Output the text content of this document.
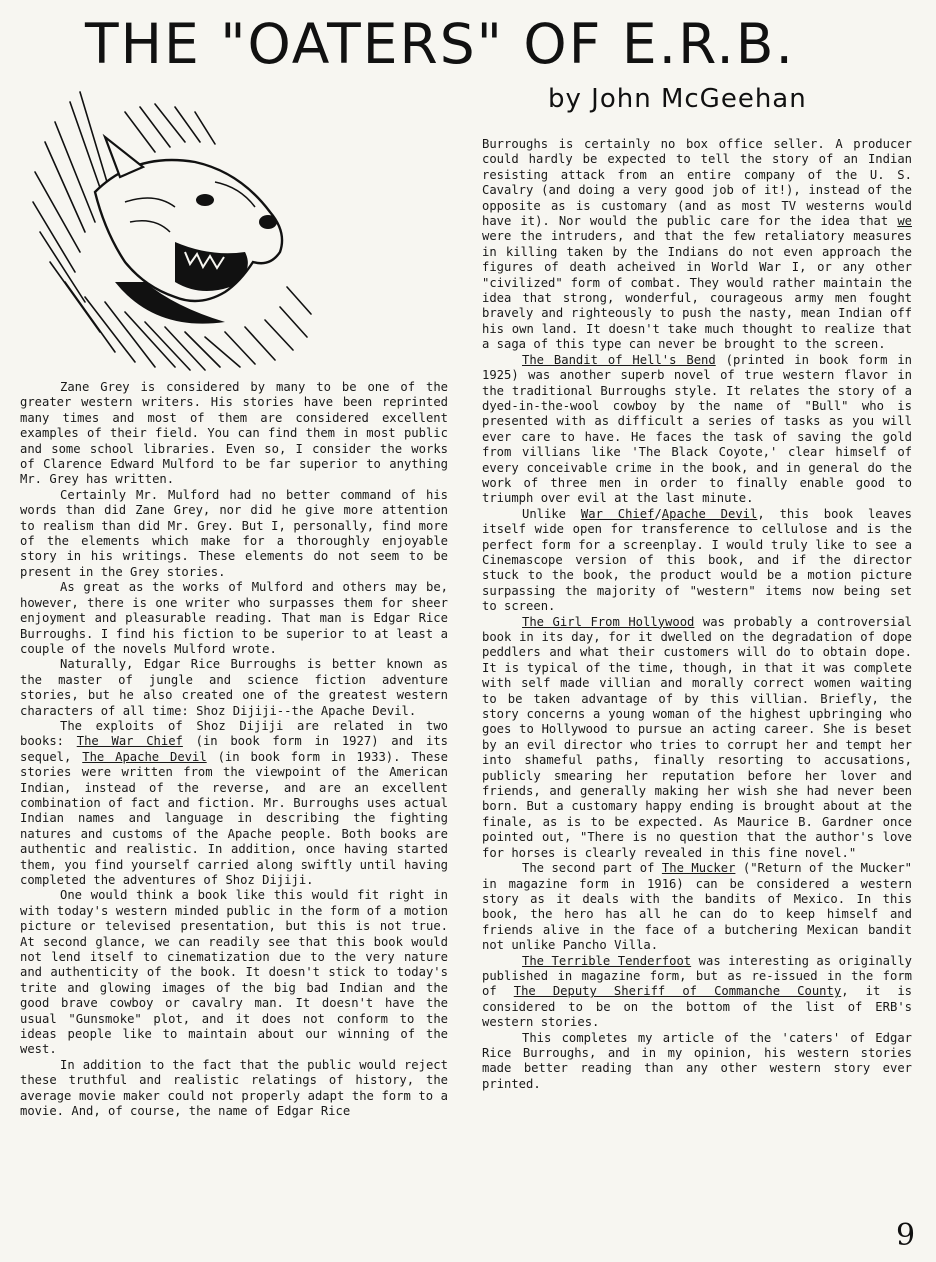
THE "OATERS" OF E.R.B.
by John McGeehan

Zane Grey is considered by many to be one of the greater western writers. His stories have been reprinted many times and most of them are considered excellent examples of their field. You can find them in most public and some school libraries. Even so, I consider the works of Clarence Edward Mulford to be far superior to anything Mr. Grey has written.

Certainly Mr. Mulford had no better command of his words than did Zane Grey, nor did he give more attention to realism than did Mr. Grey. But I, personally, find more of the elements which make for a thoroughly enjoyable story in his writings. These elements do not seem to be present in the Grey stories.

As great as the works of Mulford and others may be, however, there is one writer who surpasses them for sheer enjoyment and pleasurable reading. That man is Edgar Rice Burroughs. I find his fiction to be superior to at least a couple of the novels Mulford wrote.

Naturally, Edgar Rice Burroughs is better known as the master of jungle and science fiction adventure stories, but he also created one of the greatest western characters of all time: Shoz Dijiji--the Apache Devil.

The exploits of Shoz Dijiji are related in two books: The War Chief (in book form in 1927) and its sequel, The Apache Devil (in book form in 1933). These stories were written from the viewpoint of the American Indian, instead of the reverse, and are an excellent combination of fact and fiction. Mr. Burroughs uses actual Indian names and language in describing the fighting natures and customs of the Apache people. Both books are authentic and realistic. In addition, once having started them, you find yourself carried along swiftly until having completed the adventures of Shoz Dijiji.

One would think a book like this would fit right in with today's western minded public in the form of a motion picture or televised presentation, but this is not true. At second glance, we can readily see that this book would not lend itself to cinematization due to the very nature and authenticity of the book. It doesn't stick to today's trite and glowing images of the big bad Indian and the good brave cowboy or cavalry man. It doesn't have the usual "Gunsmoke" plot, and it does not conform to the ideas people like to maintain about our winning of the west.

In addition to the fact that the public would reject these truthful and realistic relatings of history, the average movie maker could not properly adapt the form to a movie. And, of course, the name of Edgar Rice

Burroughs is certainly no box office seller. A producer could hardly be expected to tell the story of an Indian resisting attack from an entire company of the U. S. Cavalry (and doing a very good job of it!), instead of the opposite as is customary (and as most TV westerns would have it). Nor would the public care for the idea that we were the intruders, and that the few retaliatory measures in killing taken by the Indians do not even approach the figures of death acheived in World War I, or any other "civilized" form of combat. They would rather maintain the idea that strong, wonderful, courageous army men fought bravely and righteously to push the nasty, mean Indian off his own land. It doesn't take much thought to realize that a saga of this type can never be brought to the screen.

The Bandit of Hell's Bend (printed in book form in 1925) was another superb novel of true western flavor in the traditional Burroughs style. It relates the story of a dyed-in-the-wool cowboy by the name of "Bull" who is presented with as difficult a series of tasks as you will ever care to have. He faces the task of saving the gold from villians like 'The Black Coyote,' clear himself of every conceivable crime in the book, and in general do the work of three men in order to finally enable good to triumph over evil at the last minute.

Unlike War Chief/Apache Devil, this book leaves itself wide open for transference to cellulose and is the perfect form for a screenplay. I would truly like to see a Cinemascope version of this book, and if the director stuck to the book, the product would be a motion picture surpassing the majority of "western" items now being set to screen.

The Girl From Hollywood was probably a controversial book in its day, for it dwelled on the degradation of dope peddlers and what their customers will do to obtain dope. It is typical of the time, though, in that it was complete with self made villian and morally correct women waiting to be taken advantage of by this villian. Briefly, the story concerns a young woman of the highest upbringing who goes to Hollywood to pursue an acting career. She is beset by an evil director who tries to corrupt her and tempt her into shameful paths, finally resorting to accusations, publicly smearing her reputation before her lover and friends, and generally making her wish she had never been born. But a customary happy ending is brought about at the finale, as is to be expected. As Maurice B. Gardner once pointed out, "There is no question that the author's love for horses is clearly revealed in this fine novel."

The second part of The Mucker ("Return of the Mucker" in magazine form in 1916) can be considered a western story as it deals with the bandits of Mexico. In this book, the hero has all he can do to keep himself and friends alive in the face of a butchering Mexican bandit not unlike Pancho Villa.

The Terrible Tenderfoot was interesting as originally published in magazine form, but as re-issued in the form of The Deputy Sheriff of Commanche County, it is considered to be on the bottom of the list of ERB's western stories.

This completes my article of the 'caters' of Edgar Rice Burroughs, and in my opinion, his western stories made better reading than any other western story ever printed.

9
